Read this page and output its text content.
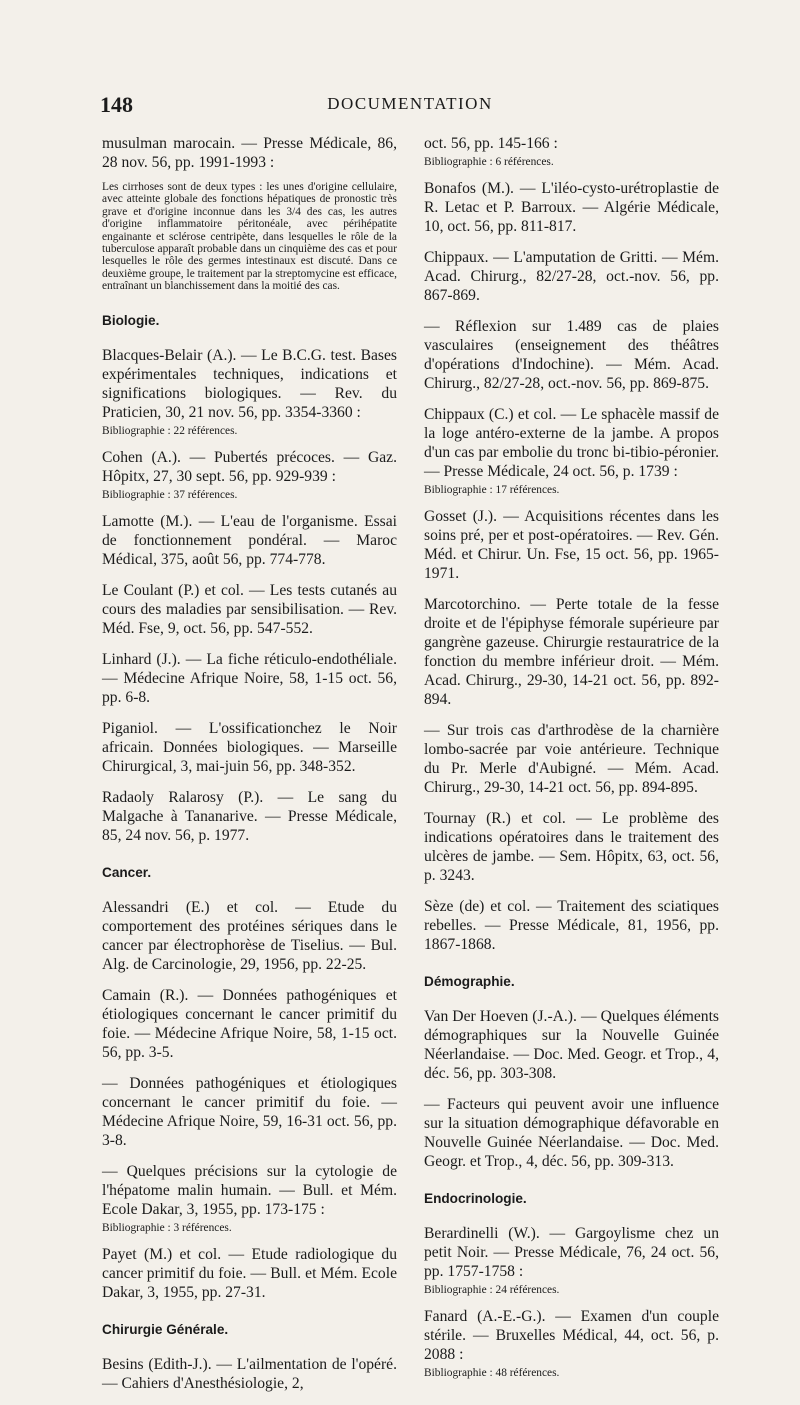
148	DOCUMENTATION

musulman marocain. — Presse Médicale, 86, 28 nov. 56, pp. 1991-1993 :

Les cirrhoses sont de deux types : les unes d'origine cellulaire, avec atteinte globale des fonctions hépatiques de pronostic très grave et d'origine inconnue dans les 3/4 des cas, les autres d'origine inflammatoire péritonéale, avec périhépatite engainante et sclérose centripète, dans lesquelles le rôle de la tuberculose apparaît probable dans un cinquième des cas et pour lesquelles le rôle des germes intestinaux est discuté. Dans ce deuxième groupe, le traitement par la streptomycine est efficace, entraînant un blanchissement dans la moitié des cas.

Biologie.

Blacques-Belair (A.). — Le B.C.G. test. Bases expérimentales techniques, indications et significations biologiques. — Rev. du Praticien, 30, 21 nov. 56, pp. 3354-3360 :

Bibliographie : 22 références.

Cohen (A.). — Pubertés précoces. — Gaz. Hôpitx, 27, 30 sept. 56, pp. 929-939 :

Bibliographie : 37 références.

Lamotte (M.). — L'eau de l'organisme. Essai de fonctionnement pondéral. — Maroc Médical, 375, août 56, pp. 774-778.

Le Coulant (P.) et col. — Les tests cutanés au cours des maladies par sensibilisation. — Rev. Méd. Fse, 9, oct. 56, pp. 547-552.

Linhard (J.). — La fiche réticulo-endothéliale. — Médecine Afrique Noire, 58, 1-15 oct. 56, pp. 6-8.

Piganiol. — L'ossificationchez le Noir africain. Données biologiques. — Marseille Chirurgical, 3, mai-juin 56, pp. 348-352.

Radaoly Ralarosy (P.). — Le sang du Malgache à Tananarive. — Presse Médicale, 85, 24 nov. 56, p. 1977.

Cancer.

Alessandri (E.) et col. — Etude du comportement des protéines sériques dans le cancer par électrophorèse de Tiselius. — Bul. Alg. de Carcinologie, 29, 1956, pp. 22-25.

Camain (R.). — Données pathogéniques et étiologiques concernant le cancer primitif du foie. — Médecine Afrique Noire, 58, 1-15 oct. 56, pp. 3-5.

— Données pathogéniques et étiologiques concernant le cancer primitif du foie. — Médecine Afrique Noire, 59, 16-31 oct. 56, pp. 3-8.

— Quelques précisions sur la cytologie de l'hépatome malin humain. — Bull. et Mém. Ecole Dakar, 3, 1955, pp. 173-175 :

Bibliographie : 3 références.

Payet (M.) et col. — Etude radiologique du cancer primitif du foie. — Bull. et Mém. Ecole Dakar, 3, 1955, pp. 27-31.

Chirurgie Générale.

Besins (Edith-J.). — L'ailmentation de l'opéré. — Cahiers d'Anesthésiologie, 2,

oct. 56, pp. 145-166 :

Bibliographie : 6 références.

Bonafos (M.). — L'iléo-cysto-urétroplastie de R. Letac et P. Barroux. — Algérie Médicale, 10, oct. 56, pp. 811-817.

Chippaux. — L'amputation de Gritti. — Mém. Acad. Chirurg., 82/27-28, oct.-nov. 56, pp. 867-869.

— Réflexion sur 1.489 cas de plaies vasculaires (enseignement des théâtres d'opérations d'Indochine). — Mém. Acad. Chirurg., 82/27-28, oct.-nov. 56, pp. 869-875.

Chippaux (C.) et col. — Le sphacèle massif de la loge antéro-externe de la jambe. A propos d'un cas par embolie du tronc bi-tibio-péronier. — Presse Médicale, 24 oct. 56, p. 1739 :

Bibliographie : 17 références.

Gosset (J.). — Acquisitions récentes dans les soins pré, per et post-opératoires. — Rev. Gén. Méd. et Chirur. Un. Fse, 15 oct. 56, pp. 1965-1971.

Marcotorchino. — Perte totale de la fesse droite et de l'épiphyse fémorale supérieure par gangrène gazeuse. Chirurgie restauratrice de la fonction du membre inférieur droit. — Mém. Acad. Chirurg., 29-30, 14-21 oct. 56, pp. 892-894.

— Sur trois cas d'arthrodèse de la charnière lombo-sacrée par voie antérieure. Technique du Pr. Merle d'Aubigné. — Mém. Acad. Chirurg., 29-30, 14-21 oct. 56, pp. 894-895.

Tournay (R.) et col. — Le problème des indications opératoires dans le traitement des ulcères de jambe. — Sem. Hôpitx, 63, oct. 56, p. 3243.

Sèze (de) et col. — Traitement des sciatiques rebelles. — Presse Médicale, 81, 1956, pp. 1867-1868.

Démographie.

Van Der Hoeven (J.-A.). — Quelques éléments démographiques sur la Nouvelle Guinée Néerlandaise. — Doc. Med. Geogr. et Trop., 4, déc. 56, pp. 303-308.

— Facteurs qui peuvent avoir une influence sur la situation démographique défavorable en Nouvelle Guinée Néerlandaise. — Doc. Med. Geogr. et Trop., 4, déc. 56, pp. 309-313.

Endocrinologie.

Berardinelli (W.). — Gargoylisme chez un petit Noir. — Presse Médicale, 76, 24 oct. 56, pp. 1757-1758 :

Bibliographie : 24 références.

Fanard (A.-E.-G.). — Examen d'un couple stérile. — Bruxelles Médical, 44, oct. 56, p. 2088 :

Bibliographie : 48 références.
